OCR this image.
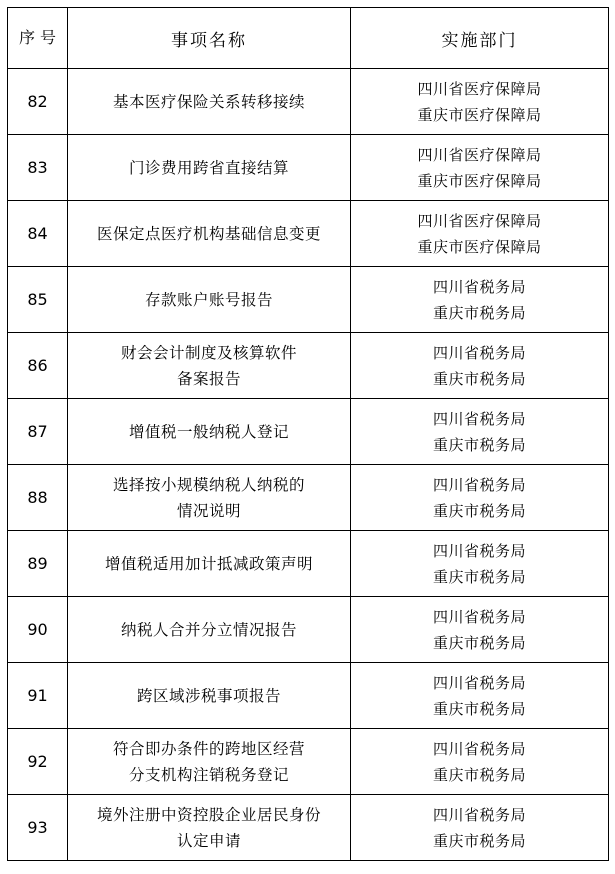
序 号	事项名称	实施部门
82	基本医疗保险关系转移接续	四川省医疗保障局
重庆市医疗保障局

83	门诊费用跨省直接结算	四川省医疗保障局
重庆市医疗保障局

84	医保定点医疗机构基础信息变更	四川省医疗保障局
重庆市医疗保障局

85	存款账户账号报告	四川省税务局
重庆市税务局

86	财会会计制度及核算软件
备案报告	四川省税务局
重庆市税务局

87	增值税一般纳税人登记	四川省税务局
重庆市税务局

88	选择按小规模纳税人纳税的
情况说明	四川省税务局
重庆市税务局

89	增值税适用加计抵减政策声明	四川省税务局
重庆市税务局

90	纳税人合并分立情况报告	四川省税务局
重庆市税务局

91	跨区域涉税事项报告	四川省税务局
重庆市税务局

92	符合即办条件的跨地区经营
分支机构注销税务登记	四川省税务局
重庆市税务局

93	境外注册中资控股企业居民身份
认定申请	四川省税务局
重庆市税务局
